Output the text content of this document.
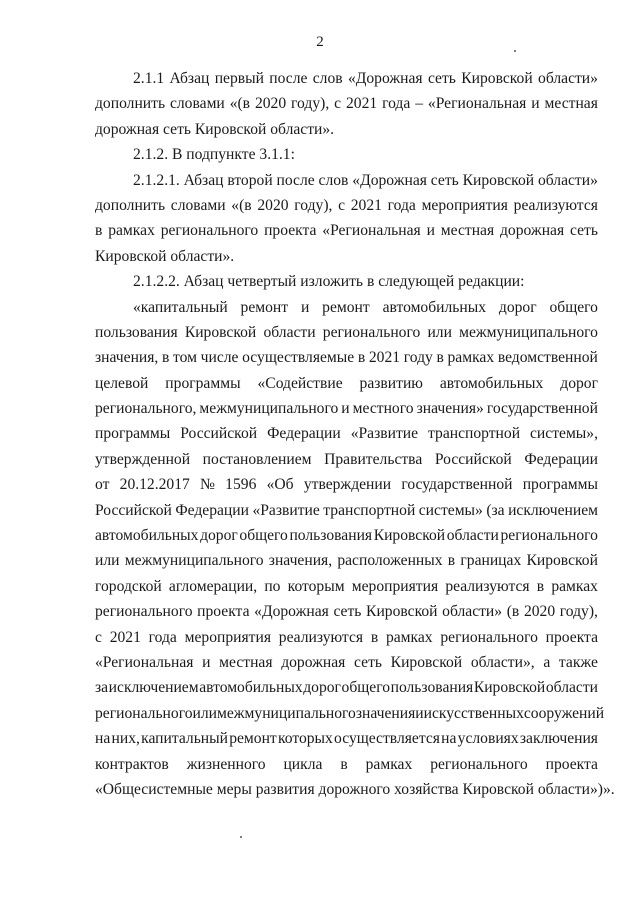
2
2.1.1 Абзац первый после слов «Дорожная сеть Кировской области»
дополнить словами «(в 2020 году), с 2021 года – «Региональная и местная
дорожная сеть Кировской области».
2.1.2. В подпункте 3.1.1:
2.1.2.1. Абзац второй после слов «Дорожная сеть Кировской области»
дополнить словами «(в 2020 году), с 2021 года мероприятия реализуются
в рамках регионального проекта «Региональная и местная дорожная сеть
Кировской области».
2.1.2.2. Абзац четвертый изложить в следующей редакции:
«капитальный ремонт и ремонт автомобильных дорог общего
пользования Кировской области регионального или межмуниципального
значения, в том числе осуществляемые в 2021 году в рамках ведомственной
целевой программы «Содействие развитию автомобильных дорог
регионального, межмуниципального и местного значения» государственной
программы Российской Федерации «Развитие транспортной системы»,
утвержденной постановлением Правительства Российской Федерации
от 20.12.2017 № 1596 «Об утверждении государственной программы
Российской Федерации «Развитие транспортной системы» (за исключением
автомобильных дорог общего пользования Кировской области регионального
или межмуниципального значения, расположенных в границах Кировской
городской агломерации, по которым мероприятия реализуются в рамках
регионального проекта «Дорожная сеть Кировской области» (в 2020 году),
с 2021 года мероприятия реализуются в рамках регионального проекта
«Региональная и местная дорожная сеть Кировской области», а также
за исключением автомобильных дорог общего пользования Кировской области
регионального или межмуниципального значения и искусственных сооружений
на них, капитальный ремонт которых осуществляется на условиях заключения
контрактов жизненного цикла в рамках регионального проекта
«Общесистемные меры развития дорожного хозяйства Кировской области»)».
